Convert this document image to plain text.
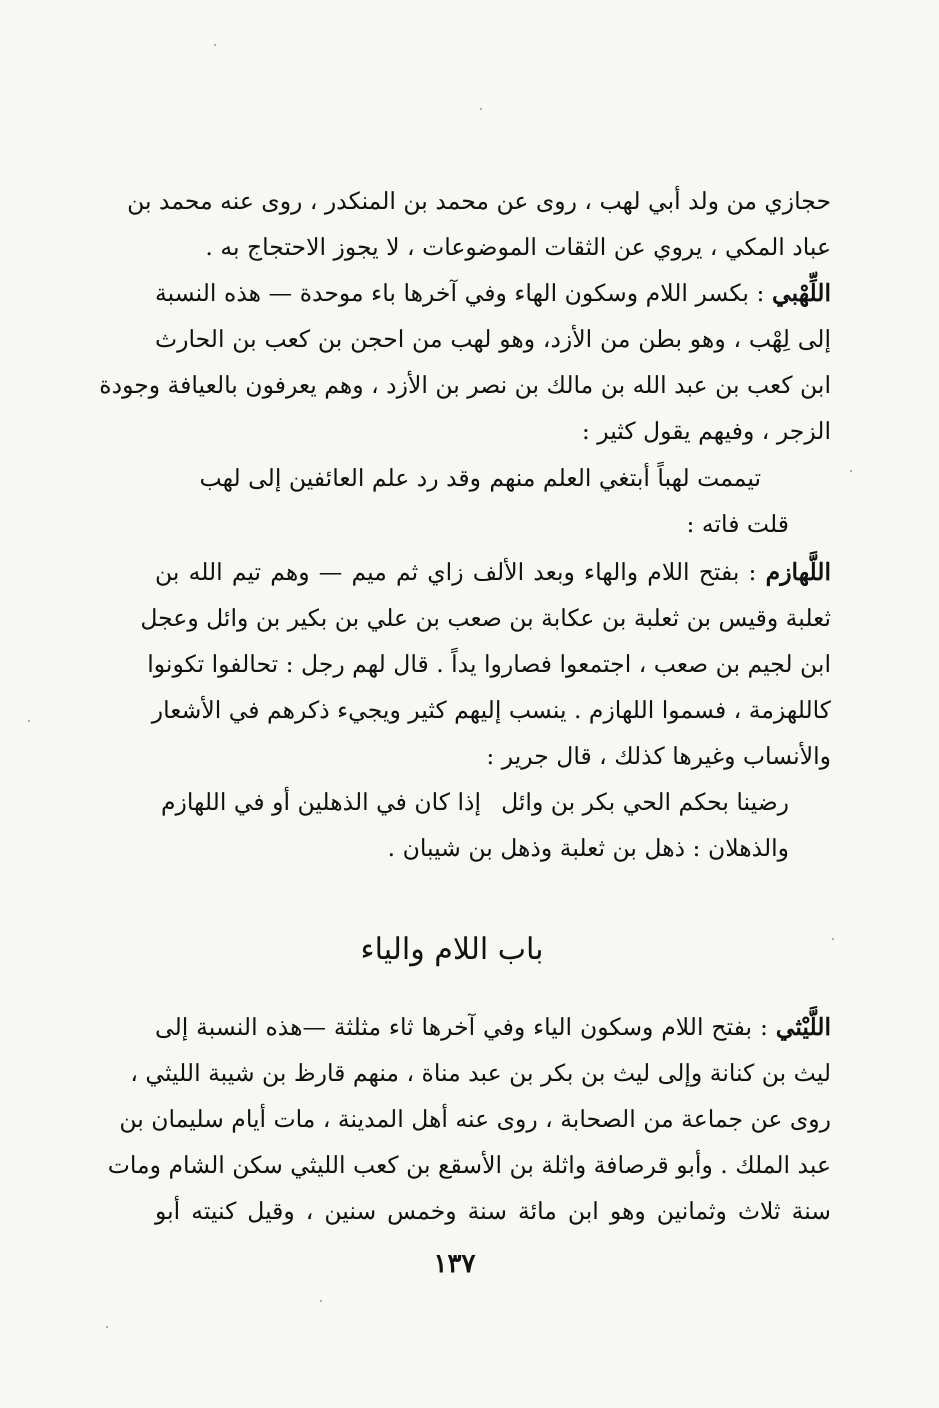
حجازي من ولد أبي لهب ، روى عن محمد بن المنكدر ، روى عنه محمد بن
عباد المكي ، يروي عن الثقات الموضوعات ، لا يجوز الاحتجاج به .
اللِّهْبي : بكسر اللام وسكون الهاء وفي آخرها باء موحدة — هذه النسبة
إلى لِهْب ، وهو بطن من الأزد، وهو لهب من احجن بن كعب بن الحارث
ابن كعب بن عبد الله بن مالك بن نصر بن الأزد ، وهم يعرفون بالعيافة وجودة
الزجر ، وفيهم يقول كثير :
تيممت لهباً أبتغي العلم منهم
وقد رد علم العائفين إلى لهب
قلت فاته :
اللَّهازم : بفتح اللام والهاء وبعد الألف زاي ثم ميم — وهم تيم الله بن
ثعلبة وقيس بن ثعلبة بن عكابة بن صعب بن علي بن بكير بن وائل وعجل
ابن لجيم بن صعب ، اجتمعوا فصاروا يداً . قال لهم رجل : تحالفوا تكونوا
كاللهزمة ، فسموا اللهازم . ينسب إليهم كثير ويجيء ذكرهم في الأشعار
والأنساب وغيرها كذلك ، قال جرير :
رضينا بحكم الحي بكر بن وائل
إذا كان في الذهلين أو في اللهازم
والذهلان : ذهل بن ثعلبة وذهل بن شيبان .
باب اللام والياء
اللَّيْثي : بفتح اللام وسكون الياء وفي آخرها ثاء مثلثة —هذه النسبة إلى
ليث بن كنانة وإلى ليث بن بكر بن عبد مناة ، منهم قارظ بن شيبة الليثي ،
روى عن جماعة من الصحابة ، روى عنه أهل المدينة ، مات أيام سليمان بن
عبد الملك . وأبو قرصافة واثلة بن الأسقع بن كعب الليثي سكن الشام ومات
سنة ثلاث وثمانين وهو ابن مائة سنة وخمس سنين ، وقيل كنيته أبو
١٣٧
